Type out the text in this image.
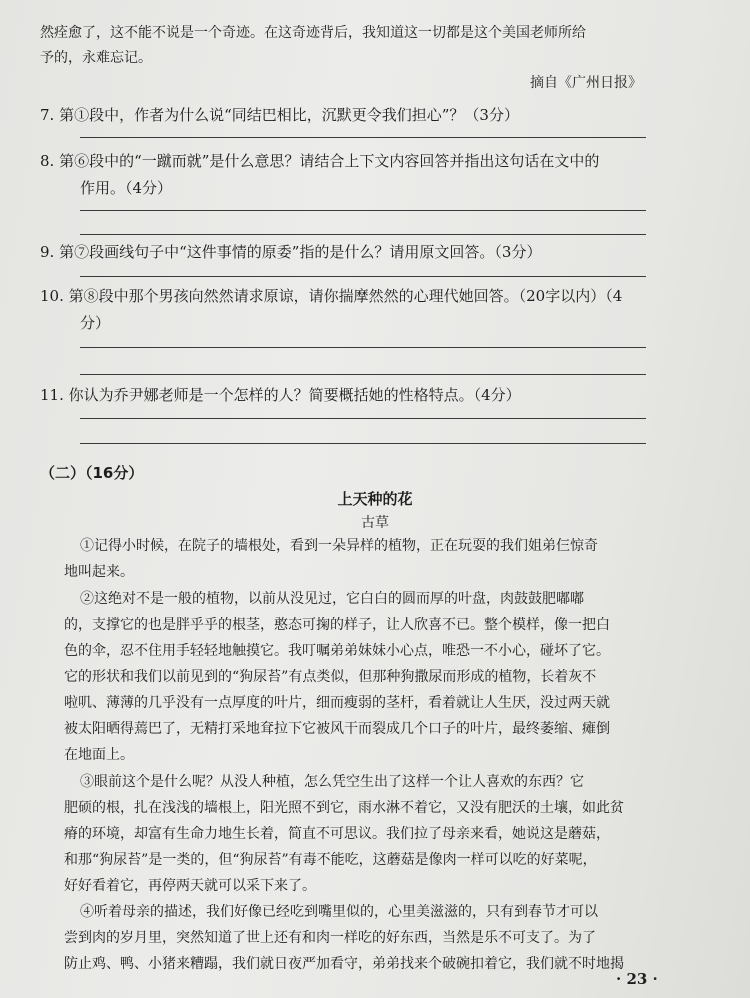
然痊愈了，这不能不说是一个奇迹。在这奇迹背后，我知道这一切都是这个美国老师所给
予的，永难忘记。
摘自《广州日报》
7. 第①段中，作者为什么说“同结巴相比，沉默更令我们担心”？（3分）
8. 第⑥段中的“一蹴而就”是什么意思？请结合上下文内容回答并指出这句话在文中的
作用。（4分）
9. 第⑦段画线句子中“这件事情的原委”指的是什么？请用原文回答。（3分）
10. 第⑧段中那个男孩向然然请求原谅，请你揣摩然然的心理代她回答。（20字以内）（4
分）
11. 你认为乔尹娜老师是一个怎样的人？简要概括她的性格特点。（4分）
（二）（16分）
上天种的花
古草
①记得小时候，在院子的墙根处，看到一朵异样的植物，正在玩耍的我们姐弟仨惊奇
地叫起来。
②这绝对不是一般的植物，以前从没见过，它白白的圆而厚的叶盘，肉鼓鼓肥嘟嘟
的，支撑它的也是胖乎乎的根茎，憨态可掬的样子，让人欣喜不已。整个模样，像一把白
色的伞，忍不住用手轻轻地触摸它。我叮嘱弟弟妹妹小心点，唯恐一不小心，碰坏了它。
它的形状和我们以前见到的“狗尿苔”有点类似，但那种狗撒尿而形成的植物，长着灰不
啦叽、薄薄的几乎没有一点厚度的叶片，细而瘦弱的茎杆，看着就让人生厌，没过两天就
被太阳晒得蔫巴了，无精打采地耷拉下它被风干而裂成几个口子的叶片，最终萎缩、瘫倒
在地面上。
③眼前这个是什么呢？从没人种植，怎么凭空生出了这样一个让人喜欢的东西？它
肥硕的根，扎在浅浅的墙根上，阳光照不到它，雨水淋不着它，又没有肥沃的土壤，如此贫
瘠的环境，却富有生命力地生长着，简直不可思议。我们拉了母亲来看，她说这是蘑菇，
和那“狗尿苔”是一类的，但“狗尿苔”有毒不能吃，这蘑菇是像肉一样可以吃的好菜呢，
好好看着它，再停两天就可以采下来了。
④听着母亲的描述，我们好像已经吃到嘴里似的，心里美滋滋的，只有到春节才可以
尝到肉的岁月里，突然知道了世上还有和肉一样吃的好东西，当然是乐不可支了。为了
防止鸡、鸭、小猪来糟蹋，我们就日夜严加看守，弟弟找来个破碗扣着它，我们就不时地揭
· 23 ·
